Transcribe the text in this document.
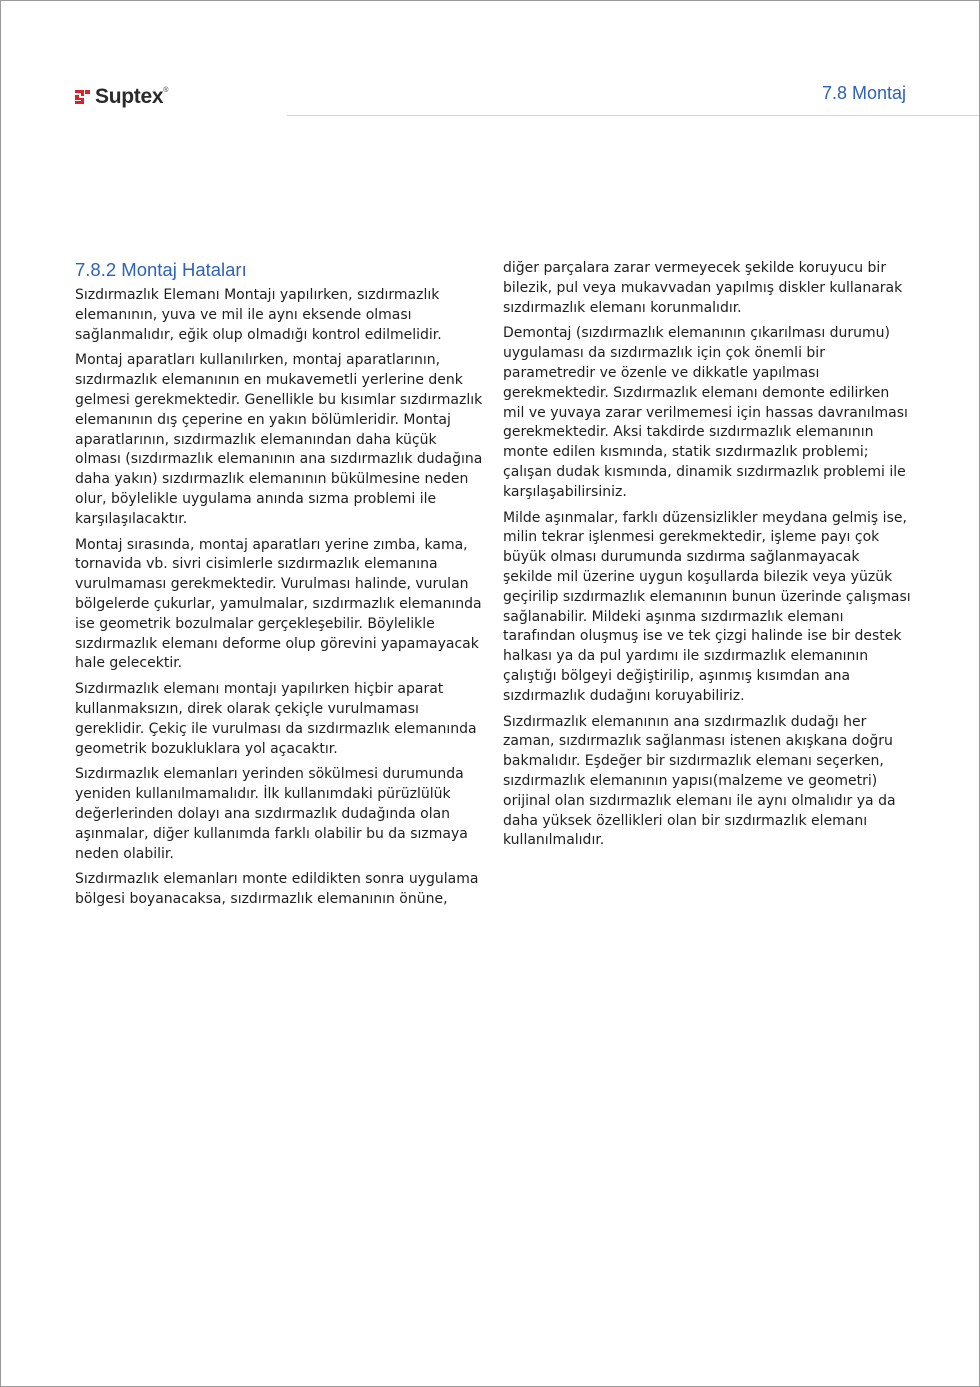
Suptex ®	7.8 Montaj
7.8.2 Montaj Hataları

Sızdırmazlık Elemanı Montajı yapılırken, sızdırmazlık elemanının, yuva ve mil ile aynı eksende olması sağlanmalıdır, eğik olup olmadığı kontrol edilmelidir.

Montaj aparatları kullanılırken, montaj aparatlarının, sızdırmazlık elemanının en mukavemetli yerlerine denk gelmesi gerekmektedir. Genellikle bu kısımlar sızdırmazlık elemanının dış çeperine en yakın bölümleridir. Montaj aparatlarının, sızdırmazlık elemanından daha küçük olması (sızdırmazlık elemanının ana sızdırmazlık dudağına daha yakın) sızdırmazlık elemanının bükülmesine neden olur, böylelikle uygulama anında sızma problemi ile karşılaşılacaktır.

Montaj sırasında, montaj aparatları yerine zımba, kama, tornavida vb. sivri cisimlerle sızdırmazlık elemanına vurulmaması gerekmektedir. Vurulması halinde, vurulan bölgelerde çukurlar, yamulmalar, sızdırmazlık elemanında ise geometrik bozulmalar gerçekleşebilir. Böylelikle sızdırmazlık elemanı deforme olup görevini yapamayacak hale gelecektir.

Sızdırmazlık elemanı montajı yapılırken hiçbir aparat kullanmaksızın, direk olarak çekiçle vurulmaması gereklidir. Çekiç ile vurulması da sızdırmazlık elemanında geometrik bozukluklara yol açacaktır.

Sızdırmazlık elemanları yerinden sökülmesi durumunda yeniden kullanılmamalıdır. İlk kullanımdaki pürüzlülük değerlerinden dolayı ana sızdırmazlık dudağında olan aşınmalar, diğer kullanımda farklı olabilir bu da sızmaya neden olabilir.

Sızdırmazlık elemanları monte edildikten sonra uygulama bölgesi boyanacaksa, sızdırmazlık elemanının önüne,

diğer parçalara zarar vermeyecek şekilde koruyucu bir bilezik, pul veya mukavvadan yapılmış diskler kullanarak sızdırmazlık elemanı korunmalıdır.

Demontaj (sızdırmazlık elemanının çıkarılması durumu) uygulaması da sızdırmazlık için çok önemli bir parametredir ve özenle ve dikkatle yapılması gerekmektedir. Sızdırmazlık elemanı demonte edilirken mil ve yuvaya zarar verilmemesi için hassas davranılması gerekmektedir. Aksi takdirde sızdırmazlık elemanının monte edilen kısmında, statik sızdırmazlık problemi; çalışan dudak kısmında, dinamik sızdırmazlık problemi ile karşılaşabilirsiniz.

Milde aşınmalar, farklı düzensizlikler meydana gelmiş ise, milin tekrar işlenmesi gerekmektedir, işleme payı çok büyük olması durumunda sızdırma sağlanmayacak şekilde mil üzerine uygun koşullarda bilezik veya yüzük geçirilip sızdırmazlık elemanının bunun üzerinde çalışması sağlanabilir. Mildeki aşınma sızdırmazlık elemanı tarafından oluşmuş ise ve tek çizgi halinde ise bir destek halkası ya da pul yardımı ile sızdırmazlık elemanının çalıştığı bölgeyi değiştirilip, aşınmış kısımdan ana sızdırmazlık dudağını koruyabiliriz.

Sızdırmazlık elemanının ana sızdırmazlık dudağı her zaman, sızdırmazlık sağlanması istenen akışkana doğru bakmalıdır. Eşdeğer bir sızdırmazlık elemanı seçerken, sızdırmazlık elemanının yapısı(malzeme ve geometri) orijinal olan sızdırmazlık elemanı ile aynı olmalıdır ya da daha yüksek özellikleri olan bir sızdırmazlık elemanı kullanılmalıdır.
